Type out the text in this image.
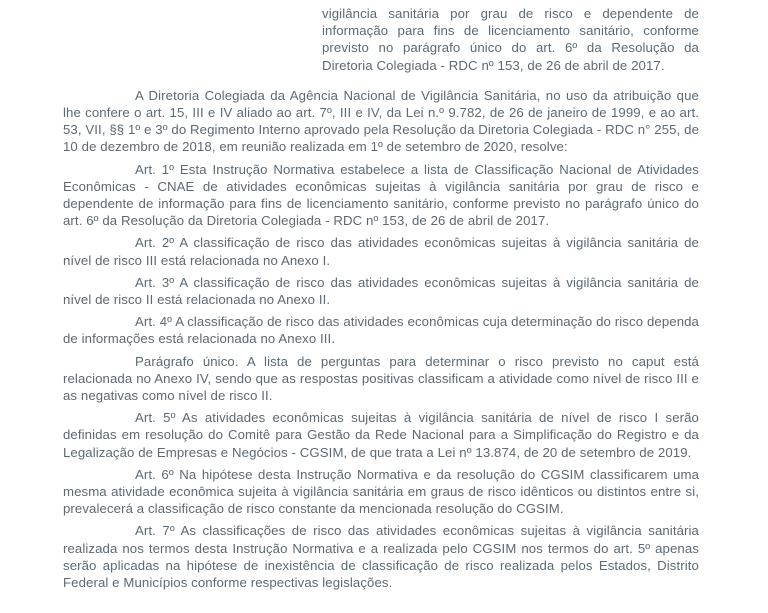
vigilância sanitária por grau de risco e dependente de informação para fins de licenciamento sanitário, conforme previsto no parágrafo único do art. 6º da Resolução da Diretoria Colegiada - RDC nº 153, de 26 de abril de 2017.

A Diretoria Colegiada da Agência Nacional de Vigilância Sanitária, no uso da atribuição que lhe confere o art. 15, III e IV aliado ao art. 7º, III e IV, da Lei n.º 9.782, de 26 de janeiro de 1999, e ao art. 53, VII, §§ 1º e 3º do Regimento Interno aprovado pela Resolução da Diretoria Colegiada - RDC n° 255, de 10 de dezembro de 2018, em reunião realizada em 1º de setembro de 2020, resolve:

Art. 1º Esta Instrução Normativa estabelece a lista de Classificação Nacional de Atividades Econômicas - CNAE de atividades econômicas sujeitas à vigilância sanitária por grau de risco e dependente de informação para fins de licenciamento sanitário, conforme previsto no parágrafo único do art. 6º da Resolução da Diretoria Colegiada - RDC nº 153, de 26 de abril de 2017.

Art. 2º A classificação de risco das atividades econômicas sujeitas à vigilância sanitária de nível de risco III está relacionada no Anexo I.

Art. 3º A classificação de risco das atividades econômicas sujeitas à vigilância sanitária de nível de risco II está relacionada no Anexo II.

Art. 4º A classificação de risco das atividades econômicas cuja determinação do risco dependa de informações está relacionada no Anexo III.

Parágrafo único. A lista de perguntas para determinar o risco previsto no caput está relacionada no Anexo IV, sendo que as respostas positivas classificam a atividade como nível de risco III e as negativas como nível de risco II.

Art. 5º As atividades econômicas sujeitas à vigilância sanitária de nível de risco I serão definidas em resolução do Comitê para Gestão da Rede Nacional para a Simplificação do Registro e da Legalização de Empresas e Negócios - CGSIM, de que trata a Lei nº 13.874, de 20 de setembro de 2019.

Art. 6º Na hipótese desta Instrução Normativa e da resolução do CGSIM classificarem uma mesma atividade econômica sujeita à vigilância sanitária em graus de risco idênticos ou distintos entre si, prevalecerá a classificação de risco constante da mencionada resolução do CGSIM.

Art. 7º As classificações de risco das atividades econômicas sujeitas à vigilância sanitária realizada nos termos desta Instrução Normativa e a realizada pelo CGSIM nos termos do art. 5º apenas serão aplicadas na hipótese de inexistência de classificação de risco realizada pelos Estados, Distrito Federal e Municípios conforme respectivas legislações.
